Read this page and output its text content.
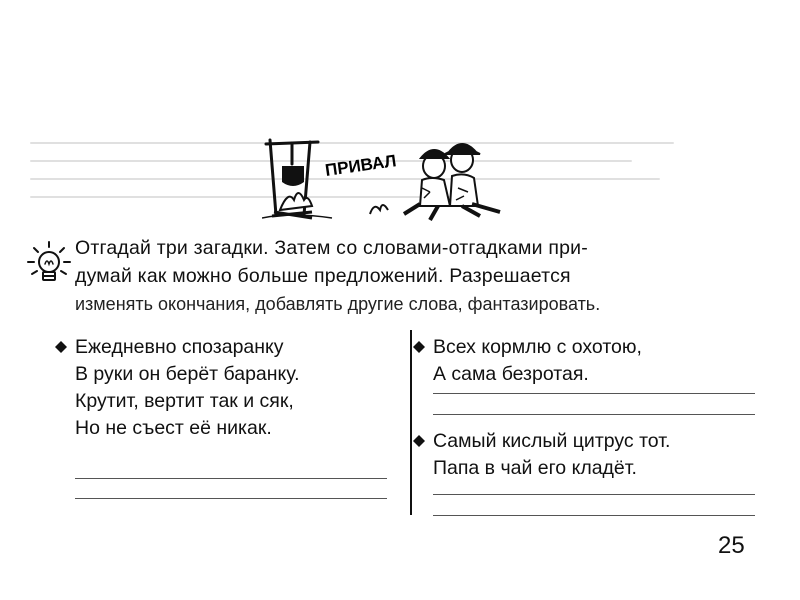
ПРИВАЛ
Отгадай три загадки. Затем со словами-отгадками при-
думай как можно больше предложений. Разрешается
изменять окончания, добавлять другие слова, фантазировать.
Ежедневно спозаранку
В руки он берёт баранку.
Крутит, вертит так и сяк,
Но не съест её никак.
Всех кормлю с охотою,
А сама безротая.
Самый кислый цитрус тот.
Папа в чай его кладёт.
25
